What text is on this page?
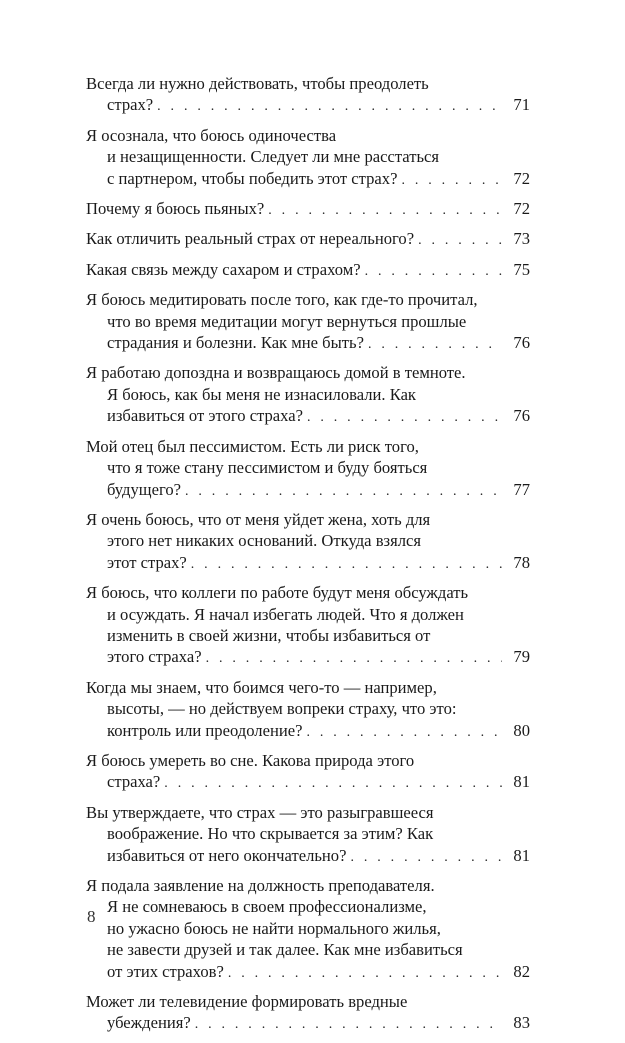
Всегда ли нужно действовать, чтобы преодолеть
страх? . . .	71
Я осознала, что боюсь одиночества
и незащищенности. Следует ли мне расстаться
с партнером, чтобы победить этот страх? . . .	72
Почему я боюсь пьяных? . . .	72
Как отличить реальный страх от нереального? . . .	73
Какая связь между сахаром и страхом? . . .	75
Я боюсь медитировать после того, как где-то прочитал,
что во время медитации могут вернуться прошлые
страдания и болезни. Как мне быть? . . .	76
Я работаю допоздна и возвращаюсь домой в темноте.
Я боюсь, как бы меня не изнасиловали. Как
избавиться от этого страха? . . .	76
Мой отец был пессимистом. Есть ли риск того,
что я тоже стану пессимистом и буду бояться
будущего? . . .	77
Я очень боюсь, что от меня уйдет жена, хоть для
этого нет никаких оснований. Откуда взялся
этот страх? . . .	78
Я боюсь, что коллеги по работе будут меня обсуждать
и осуждать. Я начал избегать людей. Что я должен
изменить в своей жизни, чтобы избавиться от
этого страха? . . .	79
Когда мы знаем, что боимся чего-то — например,
высоты, — но действуем вопреки страху, что это:
контроль или преодоление? . . .	80
Я боюсь умереть во сне. Какова природа этого
страха? . . .	81
Вы утверждаете, что страх — это разыгравшееся
воображение. Но что скрывается за этим? Как
избавиться от него окончательно? . . .	81
Я подала заявление на должность преподавателя.
Я не сомневаюсь в своем профессионализме,
но ужасно боюсь не найти нормального жилья,
не завести друзей и так далее. Как мне избавиться
от этих страхов? . . .	82
Может ли телевидение формировать вредные
убеждения? . . .	83
8
